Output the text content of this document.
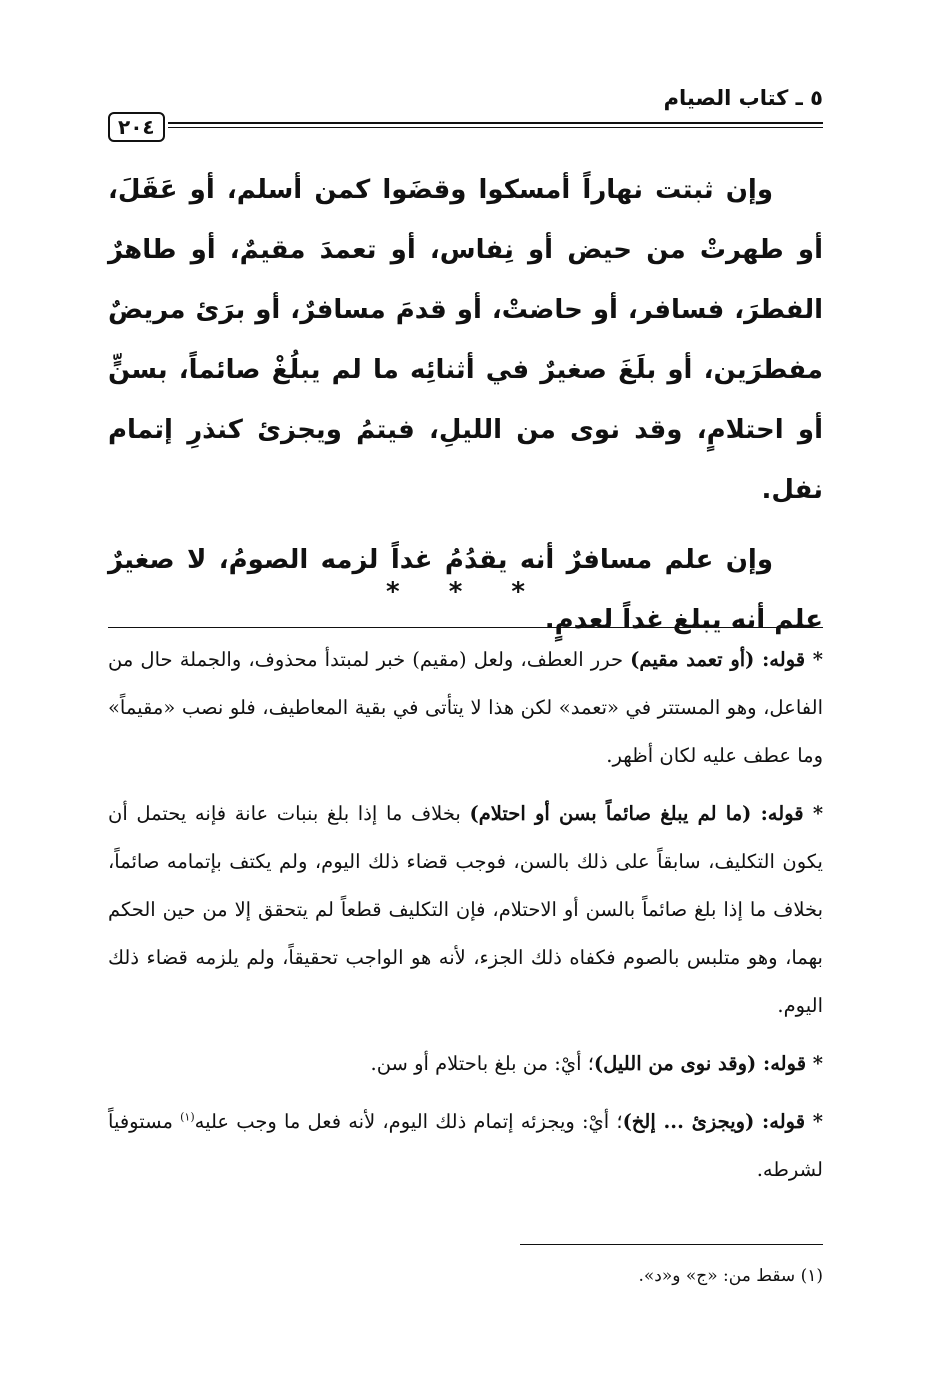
٥ ـ كتاب الصيام
٢٠٤

وإن ثبتت نهاراً أمسكوا وقضَوا كمن أسلم، أو عَقَلَ، أو طهرتْ من حيض أو نِفاس، أو تعمدَ مقيمٌ، أو طاهرٌ الفطرَ، فسافر، أو حاضتْ، أو قدمَ مسافرٌ، أو برَئ مريضٌ مفطرَين، أو بلَغَ صغيرٌ في أثنائِه ما لم يبلُغْ صائماً، بسنٍّ أو احتلامٍ، وقد نوى من الليلِ، فيتمُ ويجزئ كنذرِ إتمام نفل.

وإن علم مسافرٌ أنه يقدُمُ غداً لزمه الصومُ، لا صغيرٌ علم أنه يبلغ غداً لعدمٍ.

* * *

* قوله: (أو تعمد مقيم) حرر العطف، ولعل (مقيم) خبر لمبتدأ محذوف، والجملة حال من الفاعل، وهو المستتر في «تعمد» لكن هذا لا يتأتى في بقية المعاطيف، فلو نصب «مقيماً» وما عطف عليه لكان أظهر.

* قوله: (ما لم يبلغ صائماً بسن أو احتلام) بخلاف ما إذا بلغ بنبات عانة فإنه يحتمل أن يكون التكليف، سابقاً على ذلك بالسن، فوجب قضاء ذلك اليوم، ولم يكتف بإتمامه صائماً، بخلاف ما إذا بلغ صائماً بالسن أو الاحتلام، فإن التكليف قطعاً لم يتحقق إلا من حين الحكم بهما، وهو متلبس بالصوم فكفاه ذلك الجزء، لأنه هو الواجب تحقيقاً، ولم يلزمه قضاء ذلك اليوم.

* قوله: (وقد نوى من الليل)؛ أيْ: من بلغ باحتلام أو سن.

* قوله: (ويجزئ ... إلخ)؛ أيْ: ويجزئه إتمام ذلك اليوم، لأنه فعل ما وجب عليه$^{(١)}$ مستوفياً لشرطه.

(١) سقط من: «ج» و«د».
